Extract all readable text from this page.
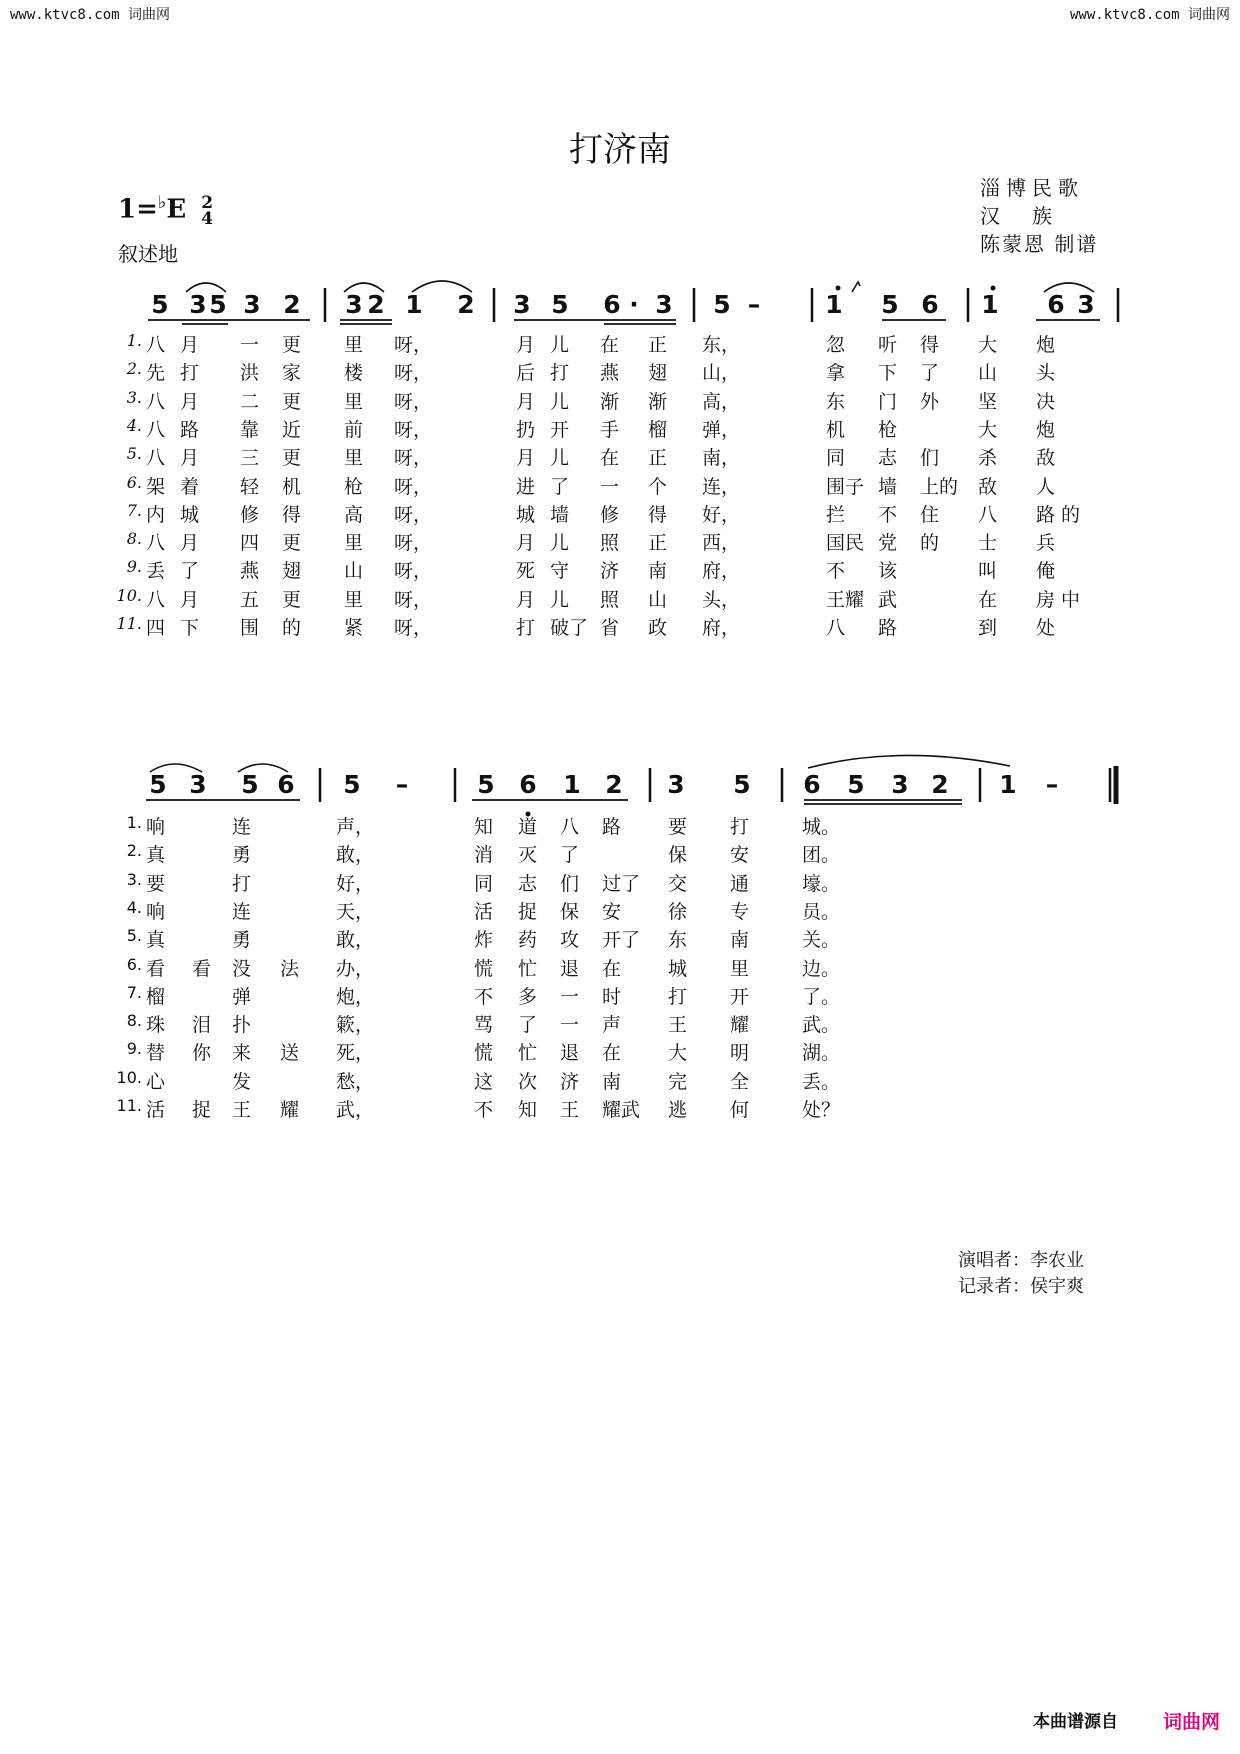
www.ktvc8.com 词曲网	www.ktvc8.com 词曲网
打济南
1=♭E 2
4
叙述地
淄博民歌
汉　族
陈蒙恩 制谱
5 3 5 3 2 3 2 1 2 3 5 6 · 3 5 –	1 5 6 1 6 3
1. 八 月 一 更 里 呀，	月 儿 在 正 东，	忽 听 得 大 炮
2. 先 打 洪 家 楼 呀，	后 打 燕 翅 山，	拿 下 了 山 头
3. 八 月 二 更 里 呀，	月 儿 渐 渐 高，	东 门 外 坚 决
4. 八 路 靠 近 前 呀，	扔 开 手 榴 弹，	机 枪	大 炮
5. 八 月 三 更 里 呀，	月 儿 在 正 南，	同 志 们 杀 敌
6. 架 着 轻 机 枪 呀，	进 了 一 个 连，	围子 墙 上的 敌 人
7. 内 城 修 得 高 呀，	城 墙 修 得 好，	拦 不 住 八 路 的
8. 八 月 四 更 里 呀，	月 儿 照 正 西，	国民 党 的 士 兵
9. 丢 了 燕 翅 山 呀，	死 守 济 南 府，	不 该	叫 俺
10. 八 月 五 更 里 呀，	月 儿 照 山 头，	王耀 武	在 房 中
11. 四 下 围 的 紧 呀，	打 破了 省 政 府，	八 路	到 处
5 3 5 6 5 –	5 6 1 2 3 5 6 5 3 2 1 –
1. 响	连	声，	知 道 八 路 要 打	城。
2. 真	勇	敢，	消 灭 了	保 安	团。
3. 要	打	好，	同 志 们 过了 交 通	壕。
4. 响	连	天，	活 捉 保 安 徐 专	员。
5. 真	勇	敢，	炸 药 攻 开了 东 南	关。
6. 看 看 没 法 办，	慌 忙 退 在 城 里	边。
7. 榴	弹	炮，	不 多 一 时 打 开	了。
8. 珠 泪 扑	簌，	骂 了 一 声 王 耀	武。
9. 替 你 来 送 死，	慌 忙 退 在 大 明	湖。
10. 心	发	愁，	这 次 济 南 完 全	丢。
11. 活 捉 王 耀 武，	不 知 王 耀武 逃 何	处？
演唱者：李农业
记录者：侯宇爽
本曲谱源自 词曲网
